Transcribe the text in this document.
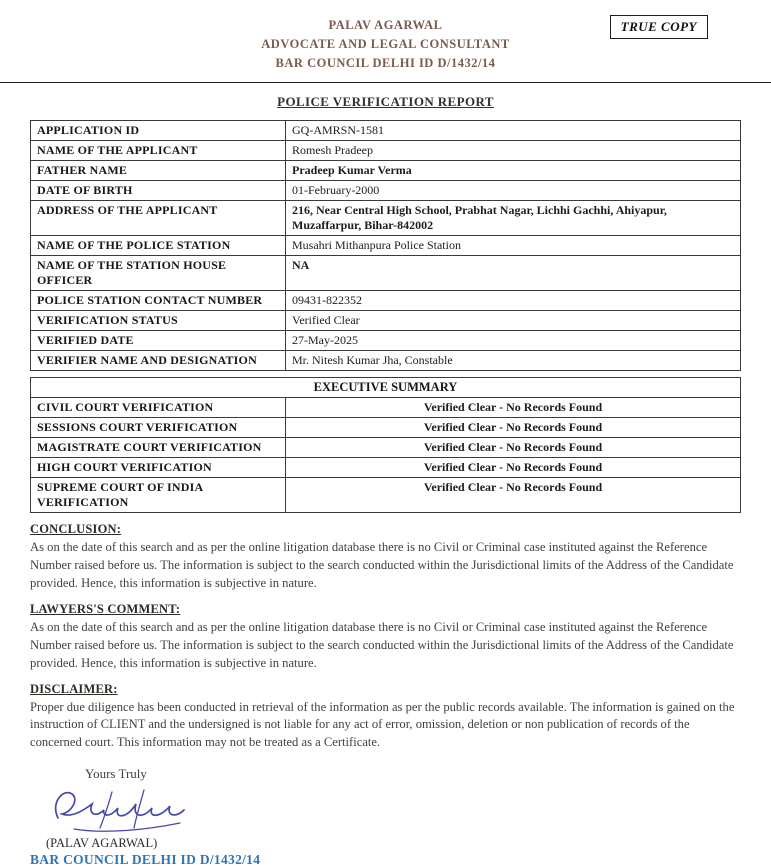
TRUE COPY
PALAV AGARWAL
ADVOCATE AND LEGAL CONSULTANT
BAR COUNCIL DELHI ID D/1432/14
POLICE VERIFICATION REPORT
APPLICATION ID	GQ-AMRSN-1581
NAME OF THE APPLICANT	Romesh Pradeep
FATHER NAME	Pradeep Kumar Verma
DATE OF BIRTH	01-February-2000
ADDRESS OF THE APPLICANT	216, Near Central High School, Prabhat Nagar, Lichhi Gachhi, Ahiyapur, Muzaffarpur, Bihar-842002
NAME OF THE POLICE STATION	Musahri Mithanpura Police Station
NAME OF THE STATION HOUSE OFFICER	NA
POLICE STATION CONTACT NUMBER	09431-822352
VERIFICATION STATUS	Verified Clear
VERIFIED DATE	27-May-2025
VERIFIER NAME AND DESIGNATION	Mr. Nitesh Kumar Jha, Constable
EXECUTIVE SUMMARY	
CIVIL COURT VERIFICATION	Verified Clear - No Records Found
SESSIONS COURT VERIFICATION	Verified Clear - No Records Found
MAGISTRATE COURT VERIFICATION	Verified Clear - No Records Found
HIGH COURT VERIFICATION	Verified Clear - No Records Found
SUPREME COURT OF INDIA VERIFICATION	Verified Clear - No Records Found
CONCLUSION:

As on the date of this search and as per the online litigation database there is no Civil or Criminal case instituted against the Reference Number raised before us. The information is subject to the search conducted within the Jurisdictional limits of the Address of the Candidate provided. Hence, this information is subjective in nature.

LAWYERS'S COMMENT:

As on the date of this search and as per the online litigation database there is no Civil or Criminal case instituted against the Reference Number raised before us. The information is subject to the search conducted within the Jurisdictional limits of the Address of the Candidate provided. Hence, this information is subjective in nature.

DISCLAIMER:

Proper due diligence has been conducted in retrieval of the information as per the public records available. The information is gained on the instruction of CLIENT and the undersigned is not liable for any act of error, omission, deletion or non publication of records of the concerned court. This information may not be treated as a Certificate.

Yours Truly
(PALAV AGARWAL)
BAR COUNCIL DELHI ID D/1432/14
